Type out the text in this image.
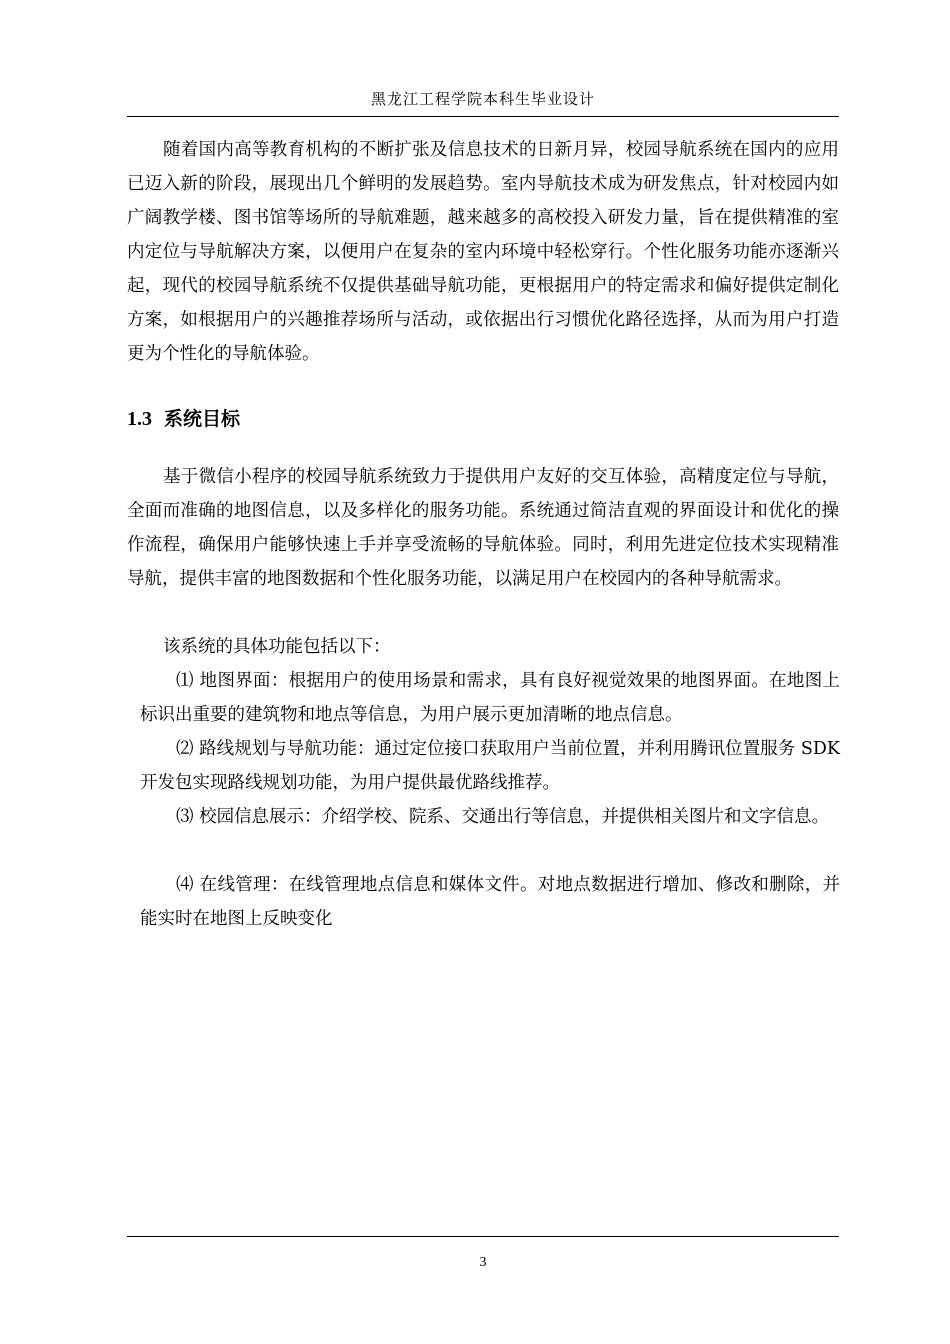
黑龙江工程学院本科生毕业设计

随着国内高等教育机构的不断扩张及信息技术的日新月异，校园导航系统在国内的应用已迈入新的阶段，展现出几个鲜明的发展趋势。室内导航技术成为研发焦点，针对校园内如广阔教学楼、图书馆等场所的导航难题，越来越多的高校投入研发力量，旨在提供精准的室内定位与导航解决方案，以便用户在复杂的室内环境中轻松穿行。个性化服务功能亦逐渐兴起，现代的校园导航系统不仅提供基础导航功能，更根据用户的特定需求和偏好提供定制化方案，如根据用户的兴趣推荐场所与活动，或依据出行习惯优化路径选择，从而为用户打造更为个性化的导航体验。

1.3 系统目标

基于微信小程序的校园导航系统致力于提供用户友好的交互体验，高精度定位与导航，全面而准确的地图信息，以及多样化的服务功能。系统通过简洁直观的界面设计和优化的操作流程，确保用户能够快速上手并享受流畅的导航体验。同时，利用先进定位技术实现精准导航，提供丰富的地图数据和个性化服务功能，以满足用户在校园内的各种导航需求。

该系统的具体功能包括以下：

⑴ 地图界面：根据用户的使用场景和需求，具有良好视觉效果的地图界面。在地图上标识出重要的建筑物和地点等信息，为用户展示更加清晰的地点信息。

⑵ 路线规划与导航功能：通过定位接口获取用户当前位置，并利用腾讯位置服务 SDK 开发包实现路线规划功能，为用户提供最优路线推荐。

⑶ 校园信息展示：介绍学校、院系、交通出行等信息，并提供相关图片和文字信息。

⑷ 在线管理：在线管理地点信息和媒体文件。对地点数据进行增加、修改和删除，并能实时在地图上反映变化

3
